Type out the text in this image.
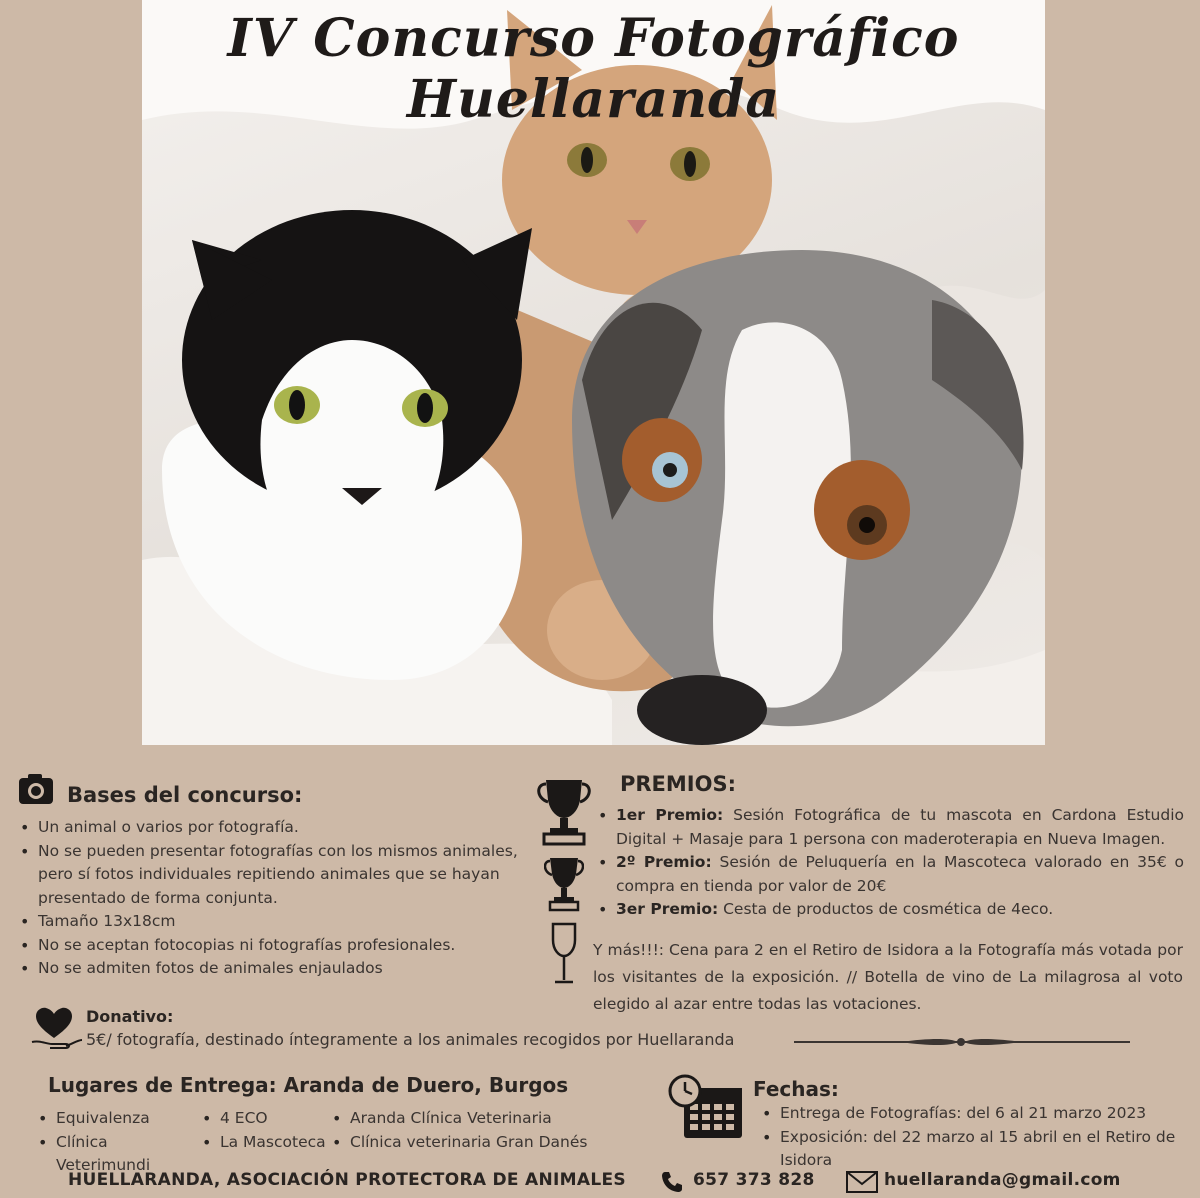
IV Concurso Fotográfico Huellaranda
Bases del concurso:
• Un animal o varios por fotografía.
• No se pueden presentar fotografías con los mismos animales, pero sí fotos individuales repitiendo animales que se hayan presentado de forma conjunta.
• Tamaño 13x18cm
• No se aceptan fotocopias ni fotografías profesionales.
• No se admiten fotos de animales enjaulados
Donativo:
5€/ fotografía, destinado íntegramente a los animales recogidos por Huellaranda
PREMIOS:
• 1er Premio: Sesión Fotográfica de tu mascota en Cardona Estudio Digital + Masaje para 1 persona con maderoterapia en Nueva Imagen.
• 2º Premio: Sesión de Peluquería en la Mascoteca valorado en 35€ o compra en tienda por valor de 20€
• 3er Premio: Cesta de productos de cosmética de 4eco.
Y más!!!: Cena para 2 en el Retiro de Isidora a la Fotografía más votada por los visitantes de la exposición. // Botella de vino de La milagrosa al voto elegido al azar entre todas las votaciones.
Lugares de Entrega: Aranda de Duero, Burgos
• Equivalenza
• Clínica Veterimundi
• 4 ECO
• La Mascoteca
• Aranda Clínica Veterinaria
• Clínica veterinaria Gran Danés
Fechas:
• Entrega de Fotografías: del 6 al 21 marzo 2023
• Exposición: del 22 marzo al 15 abril en el Retiro de Isidora
HUELLARANDA, ASOCIACIÓN PROTECTORA DE ANIMALES	657 373 828	huellaranda@gmail.com
